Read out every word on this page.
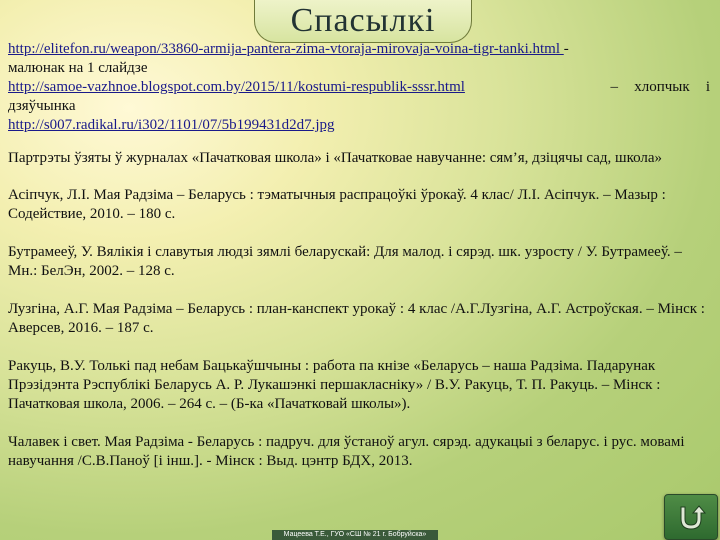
Спасылкі

http://elitefon.ru/weapon/33860-armija-pantera-zima-vtoraja-mirovaja-voina-tigr-tanki.html -

малюнак на 1 слайдзе

http://samoe-vazhnoe.blogspot.com.by/2015/11/kostumi-respublik-sssr.html	– хлопчык і

дзяўчынка

http://s007.radikal.ru/i302/1101/07/5b199431d2d7.jpg

Партрэты ўзяты ў журналах «Пачатковая школа» і «Пачатковае навучанне: сям’я, дзіцячы сад, школа»

Асіпчук, Л.І. Мая Радзіма – Беларусь : тэматычныя распрацоўкі ўрокаў. 4 клас/ Л.І. Асіпчук. – Мазыр : Содействие, 2010. – 180 с.

Бутрамееў, У. Вялікія і славутыя людзі зямлі беларускай: Для малод. і сярэд. шк. узросту / У. Бутрамееў. – Мн.: БелЭн, 2002. – 128 с.

Лузгіна, А.Г. Мая Радзіма – Беларусь : план-канспект урокаў : 4 клас /А.Г.Лузгіна, А.Г. Астроўская. – Мінск : Аверсев, 2016. – 187 с.

Ракуць, В.У. Толькі пад небам Бацькаўшчыны : работа па кнізе «Беларусь – наша Радзіма. Падарунак Прэзідэнта Рэспублікі Беларусь А. Р. Лукашэнкі першакласніку» / В.У. Ракуць, Т. П. Ракуць. – Мінск : Пачатковая школа, 2006. – 264 с. – (Б-ка «Пачатковай школы»).

Чалавек і свет. Мая Радзіма - Беларусь : падруч. для ўстаноў агул. сярэд. адукацыі з беларус. і рус. мовамі навучання /С.В.Паноў [і інш.]. - Мінск : Выд. цэнтр БДХ, 2013.

Мацеева Т.Е., ГУО «СШ № 21 г. Бобруйска»
